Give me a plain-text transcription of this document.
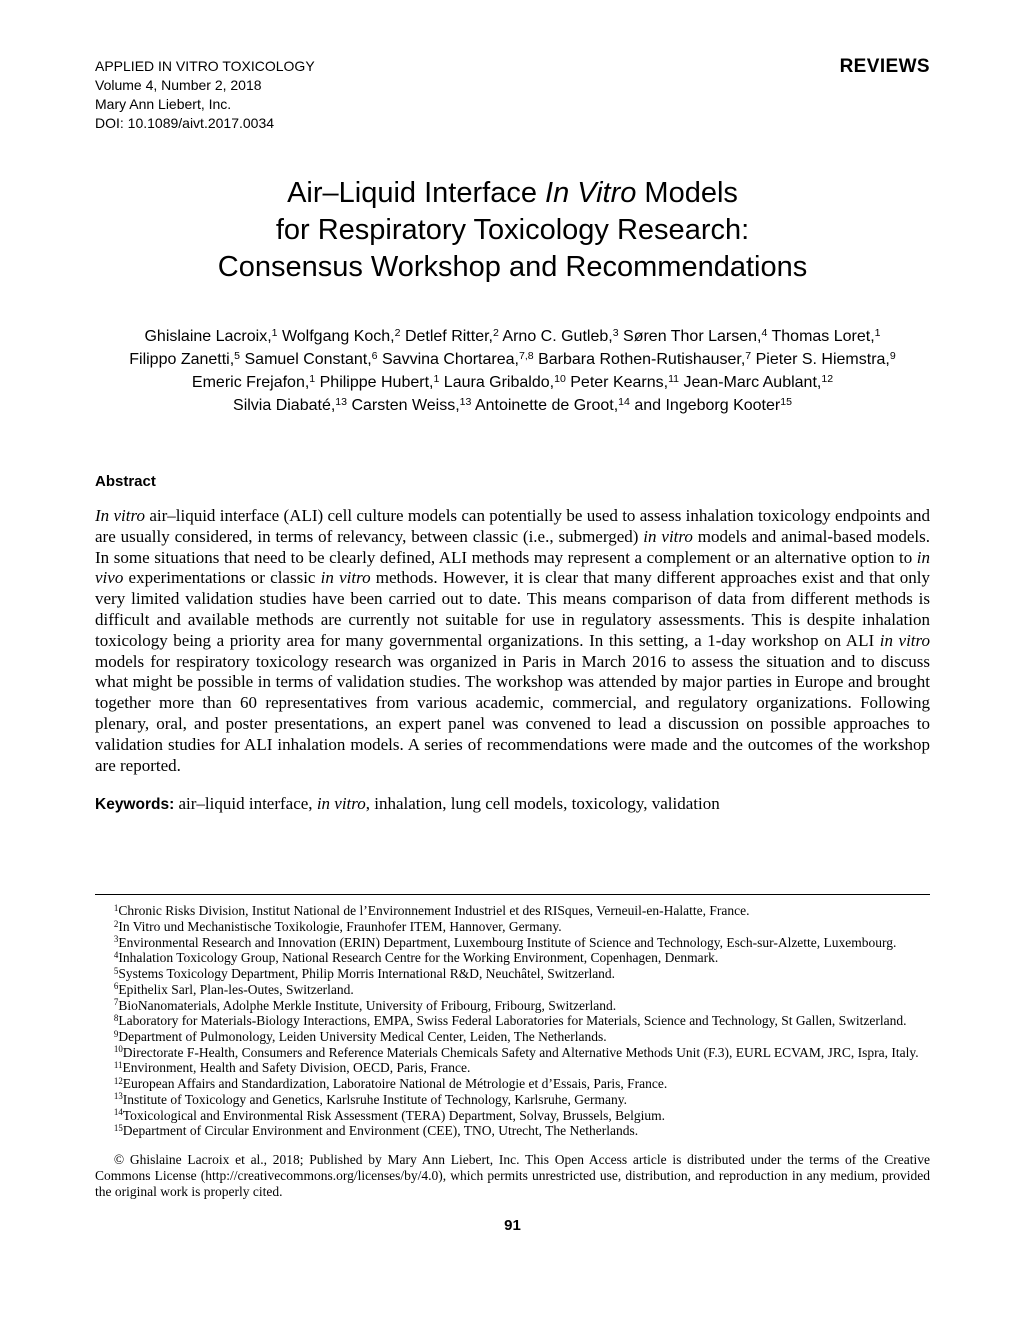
APPLIED IN VITRO TOXICOLOGY
Volume 4, Number 2, 2018
Mary Ann Liebert, Inc.
DOI: 10.1089/aivt.2017.0034
REVIEWS
Air–Liquid Interface In Vitro Models
for Respiratory Toxicology Research:
Consensus Workshop and Recommendations
Ghislaine Lacroix,$^1$ Wolfgang Koch,$^2$ Detlef Ritter,$^2$ Arno C. Gutleb,$^3$ Søren Thor Larsen,$^4$ Thomas Loret,$^1$
Filippo Zanetti,$^5$ Samuel Constant,$^6$ Savvina Chortarea,$^{7,8}$ Barbara Rothen-Rutishauser,$^7$ Pieter S. Hiemstra,$^9$
Emeric Frejafon,$^1$ Philippe Hubert,$^1$ Laura Gribaldo,$^{10}$ Peter Kearns,$^{11}$ Jean-Marc Aublant,$^{12}$
Silvia Diabaté,$^{13}$ Carsten Weiss,$^{13}$ Antoinette de Groot,$^{14}$ and Ingeborg Kooter$^{15}$
Abstract

In vitro air–liquid interface (ALI) cell culture models can potentially be used to assess inhalation toxicology endpoints and are usually considered, in terms of relevancy, between classic (i.e., submerged) in vitro models and animal-based models. In some situations that need to be clearly defined, ALI methods may represent a complement or an alternative option to in vivo experimentations or classic in vitro methods. However, it is clear that many different approaches exist and that only very limited validation studies have been carried out to date. This means comparison of data from different methods is difficult and available methods are currently not suitable for use in regulatory assessments. This is despite inhalation toxicology being a priority area for many governmental organizations. In this setting, a 1-day workshop on ALI in vitro models for respiratory toxicology research was organized in Paris in March 2016 to assess the situation and to discuss what might be possible in terms of validation studies. The workshop was attended by major parties in Europe and brought together more than 60 representatives from various academic, commercial, and regulatory organizations. Following plenary, oral, and poster presentations, an expert panel was convened to lead a discussion on possible approaches to validation studies for ALI inhalation models. A series of recommendations were made and the outcomes of the workshop are reported.

Keywords: air–liquid interface, in vitro, inhalation, lung cell models, toxicology, validation

$^1$Chronic Risks Division, Institut National de l’Environnement Industriel et des RISques, Verneuil-en-Halatte, France.

$^2$In Vitro und Mechanistische Toxikologie, Fraunhofer ITEM, Hannover, Germany.

$^3$Environmental Research and Innovation (ERIN) Department, Luxembourg Institute of Science and Technology, Esch-sur-Alzette, Luxembourg.

$^4$Inhalation Toxicology Group, National Research Centre for the Working Environment, Copenhagen, Denmark.

$^5$Systems Toxicology Department, Philip Morris International R&D, Neuchâtel, Switzerland.

$^6$Epithelix Sarl, Plan-les-Outes, Switzerland.

$^7$BioNanomaterials, Adolphe Merkle Institute, University of Fribourg, Fribourg, Switzerland.

$^8$Laboratory for Materials-Biology Interactions, EMPA, Swiss Federal Laboratories for Materials, Science and Technology, St Gallen, Switzerland.

$^9$Department of Pulmonology, Leiden University Medical Center, Leiden, The Netherlands.

$^{10}$Directorate F-Health, Consumers and Reference Materials Chemicals Safety and Alternative Methods Unit (F.3), EURL ECVAM, JRC, Ispra, Italy.

$^{11}$Environment, Health and Safety Division, OECD, Paris, France.

$^{12}$European Affairs and Standardization, Laboratoire National de Métrologie et d’Essais, Paris, France.

$^{13}$Institute of Toxicology and Genetics, Karlsruhe Institute of Technology, Karlsruhe, Germany.

$^{14}$Toxicological and Environmental Risk Assessment (TERA) Department, Solvay, Brussels, Belgium.

$^{15}$Department of Circular Environment and Environment (CEE), TNO, Utrecht, The Netherlands.

© Ghislaine Lacroix et al., 2018; Published by Mary Ann Liebert, Inc. This Open Access article is distributed under the terms of the Creative Commons License (http://creativecommons.org/licenses/by/4.0), which permits unrestricted use, distribution, and reproduction in any medium, provided the original work is properly cited.

91
